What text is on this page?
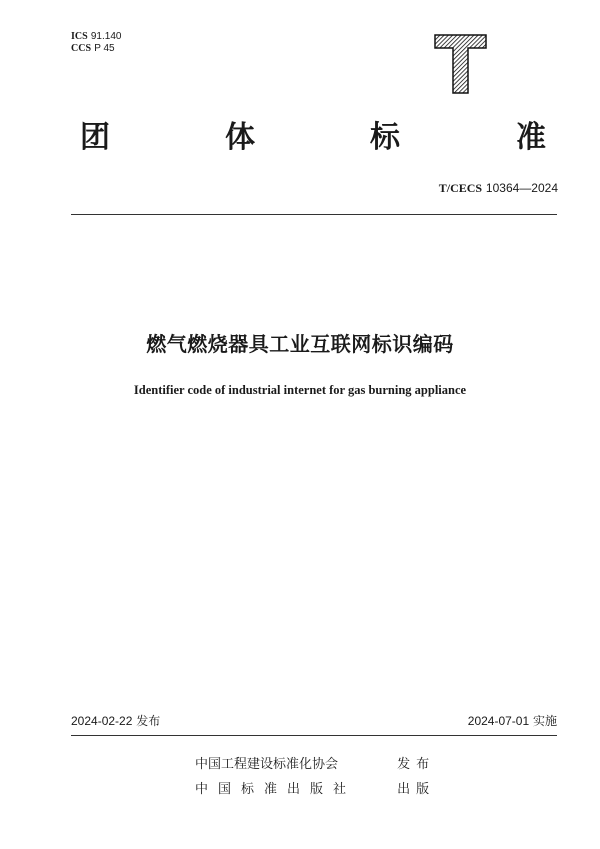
ICS 91.140
CCS P 45
T
团	体	标	准
T/CECS 10364—2024
燃气燃烧器具工业互联网标识编码
Identifier code of industrial internet for gas burning appliance
2024-02-22 发布	2024-07-01 实施
中国工程建设标准化协会	发布
中国标准出版社	出版
